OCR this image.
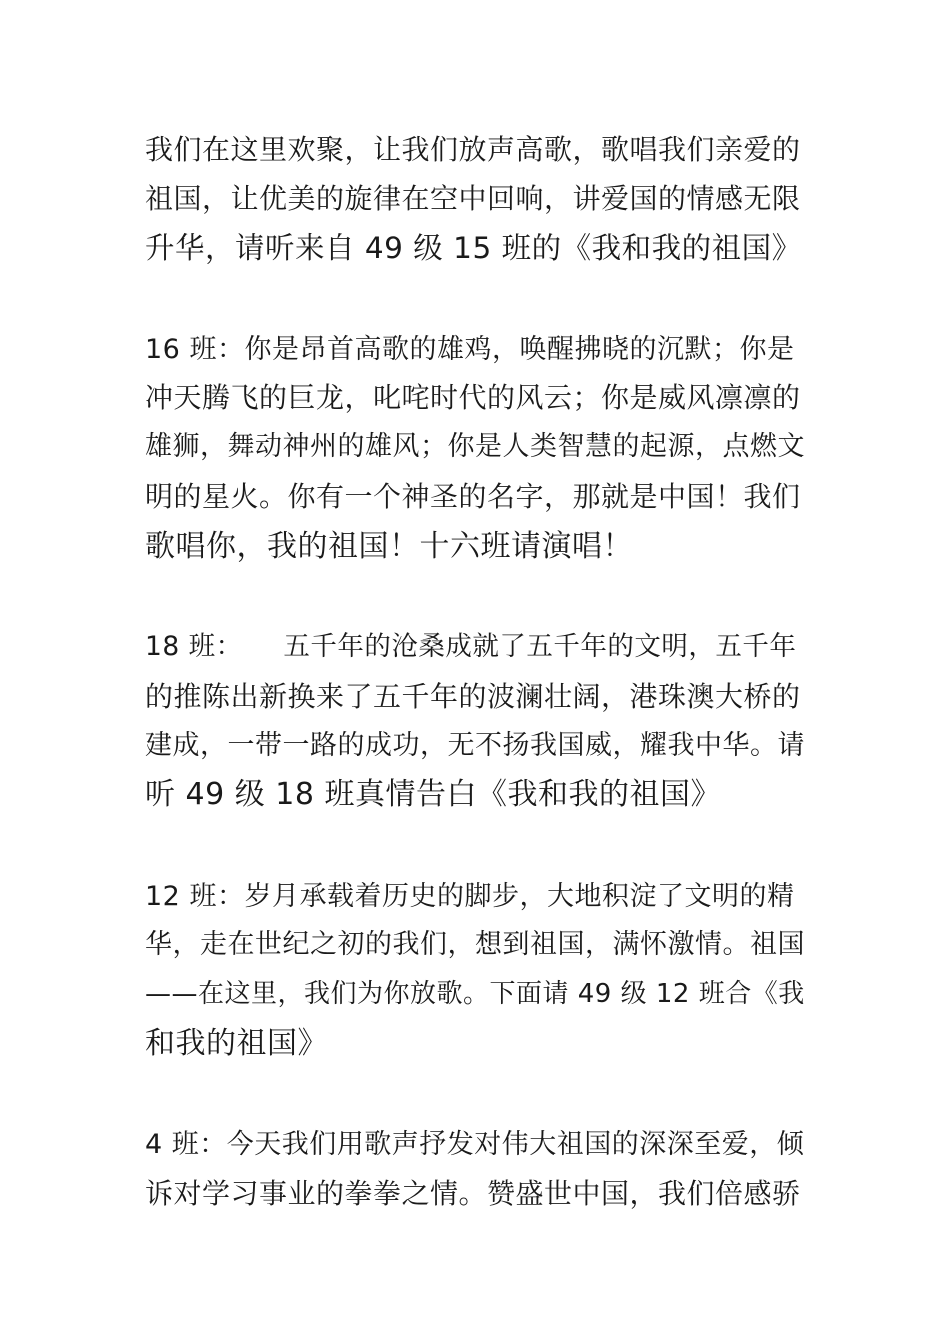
我们在这里欢聚，让我们放声高歌，歌唱我们亲爱的
祖国，让优美的旋律在空中回响，讲爱国的情感无限
升华，请听来自 49 级 15 班的《我和我的祖国》
16 班：你是昂首高歌的雄鸡，唤醒拂晓的沉默；你是
冲天腾飞的巨龙，叱咤时代的风云；你是威风凛凛的
雄狮，舞动神州的雄风；你是人类智慧的起源，点燃文
明的星火。你有一个神圣的名字，那就是中国！我们
歌唱你，我的祖国！十六班请演唱！
18 班：　　五千年的沧桑成就了五千年的文明，五千年
的推陈出新换来了五千年的波澜壮阔，港珠澳大桥的
建成，一带一路的成功，无不扬我国威，耀我中华。请
听 49 级 18 班真情告白《我和我的祖国》
12 班：岁月承载着历史的脚步，大地积淀了文明的精
华，走在世纪之初的我们，想到祖国，满怀激情。祖国
——在这里，我们为你放歌。下面请 49 级 12 班合《我
和我的祖国》
4 班：今天我们用歌声抒发对伟大祖国的深深至爱，倾
诉对学习事业的拳拳之情。赞盛世中国，我们倍感骄
